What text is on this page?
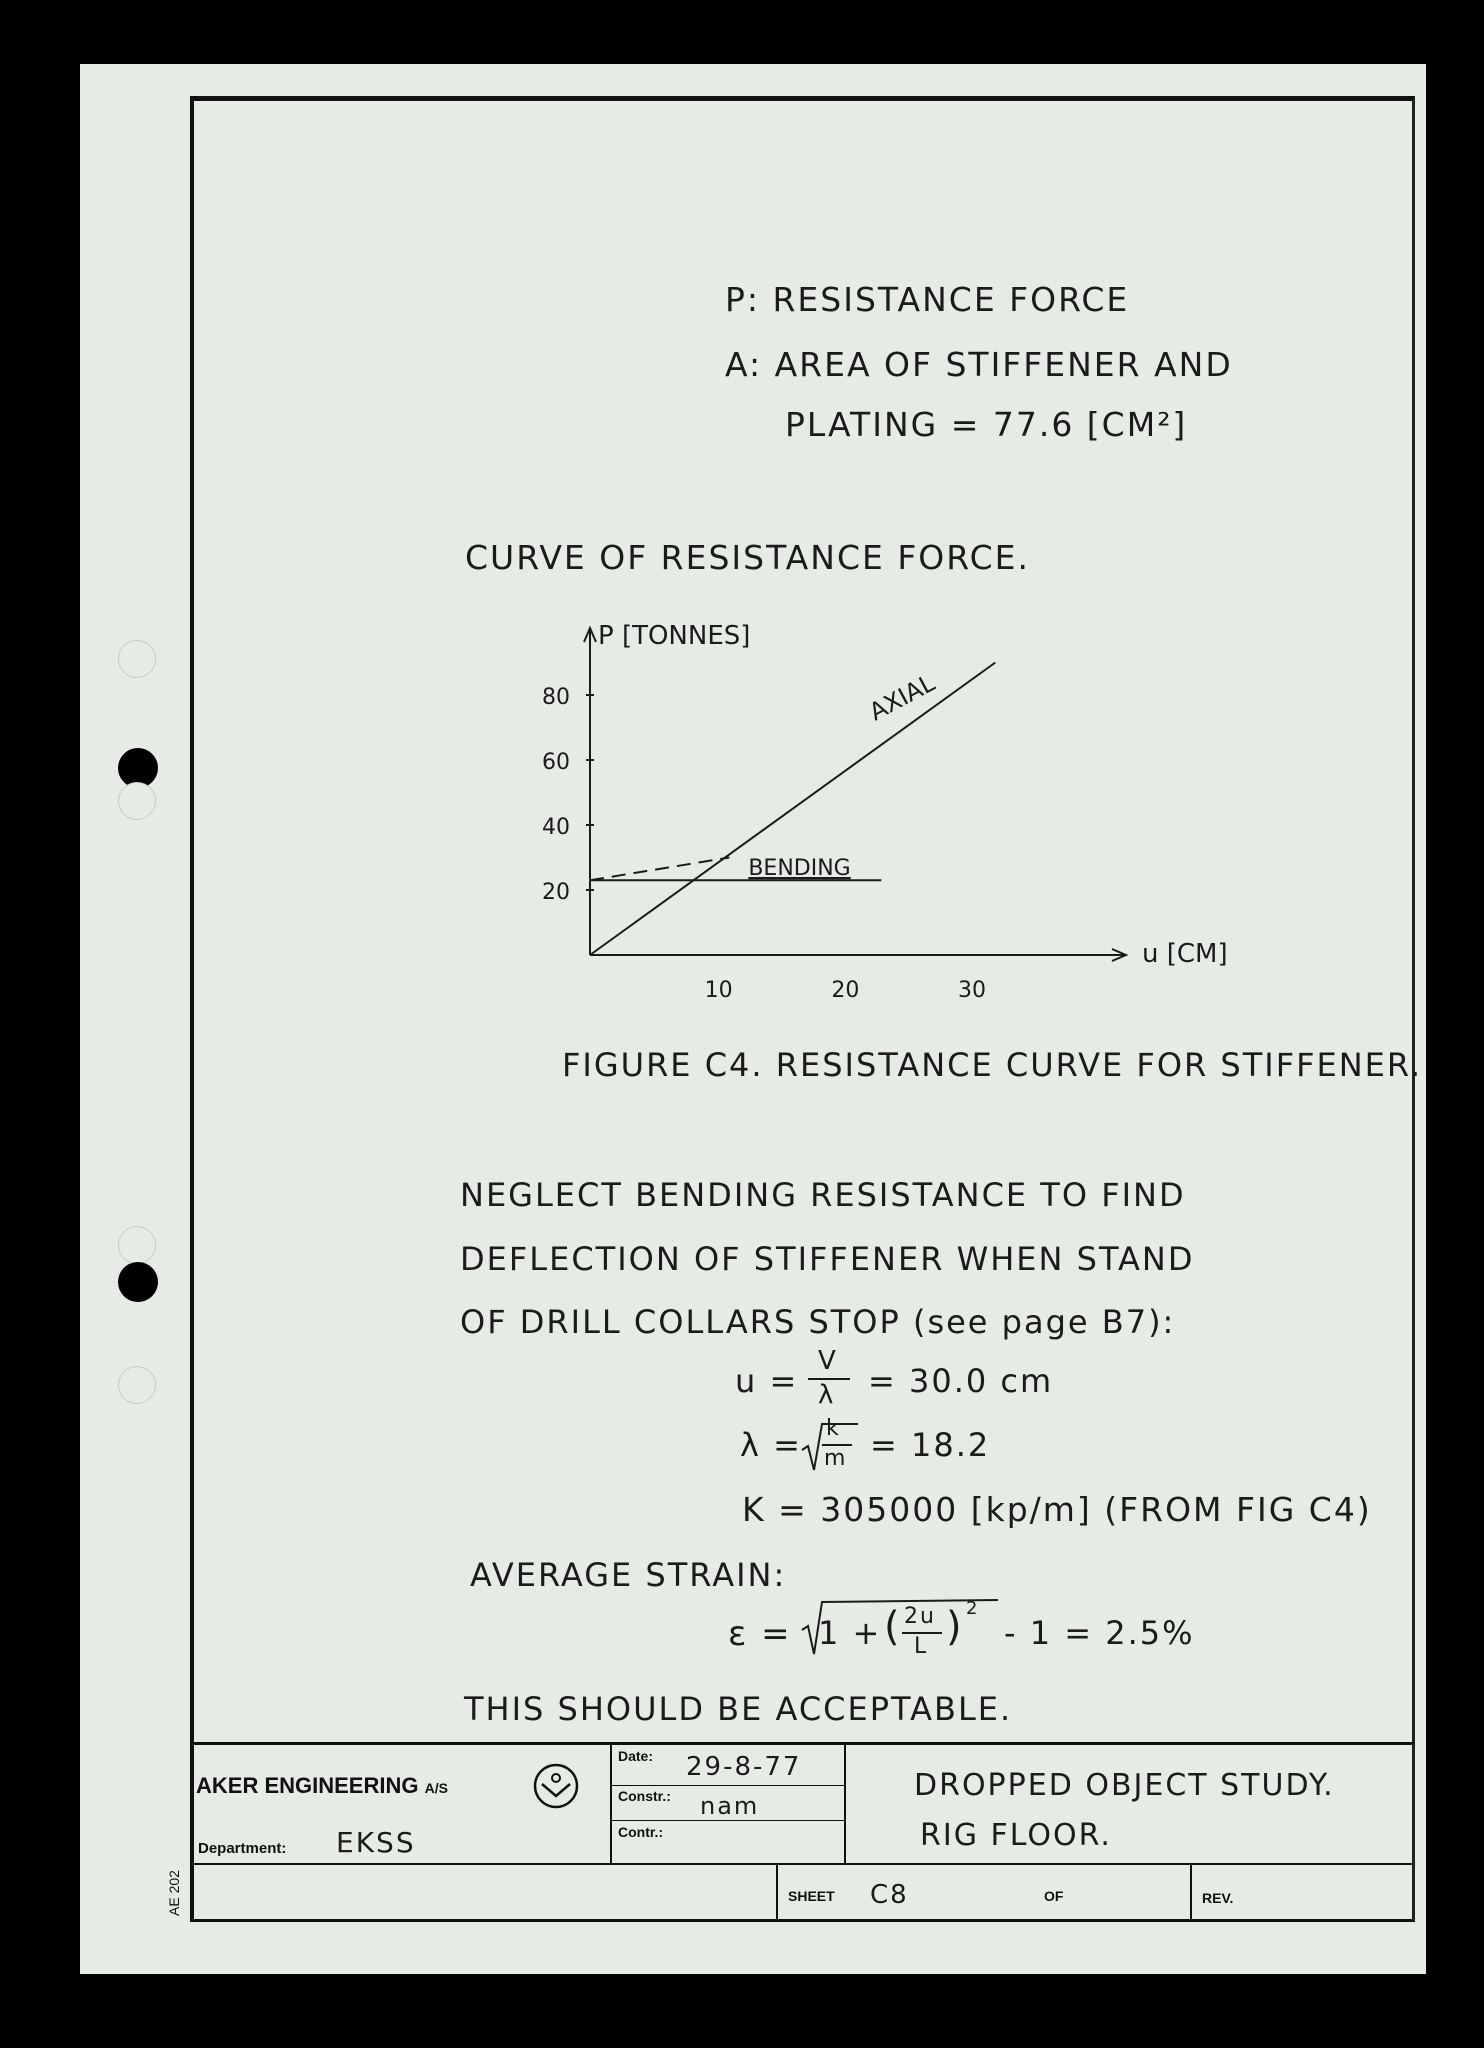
P: RESISTANCE FORCE
A: AREA OF STIFFENER AND
PLATING = 77.6 [CM²]
CURVE OF RESISTANCE FORCE.
P [TONNES]
u [CM]
20
40
60
80
10	20	30
AXIAL
BENDING
FIGURE C4. RESISTANCE CURVE FOR STIFFENER.
NEGLECT BENDING RESISTANCE TO FIND
DEFLECTION OF STIFFENER WHEN STAND
OF DRILL COLLARS STOP (see page B7):
u =
V
λ = 30.0 cm
λ = k
m = 18.2
K = 305000 [kp/m] (FROM FIG C4)
AVERAGE STRAIN:
ε = 1 + ( 2u
L ) 2
- 1 = 2.5%
THIS SHOULD BE ACCEPTABLE.
AKER ENGINEERING A/S
Department: EKSS
Date: 29-8-77
Constr.: nam
Contr.:
DROPPED OBJECT STUDY.
RIG FLOOR.
SHEET C8	OF	REV.
AE 202
